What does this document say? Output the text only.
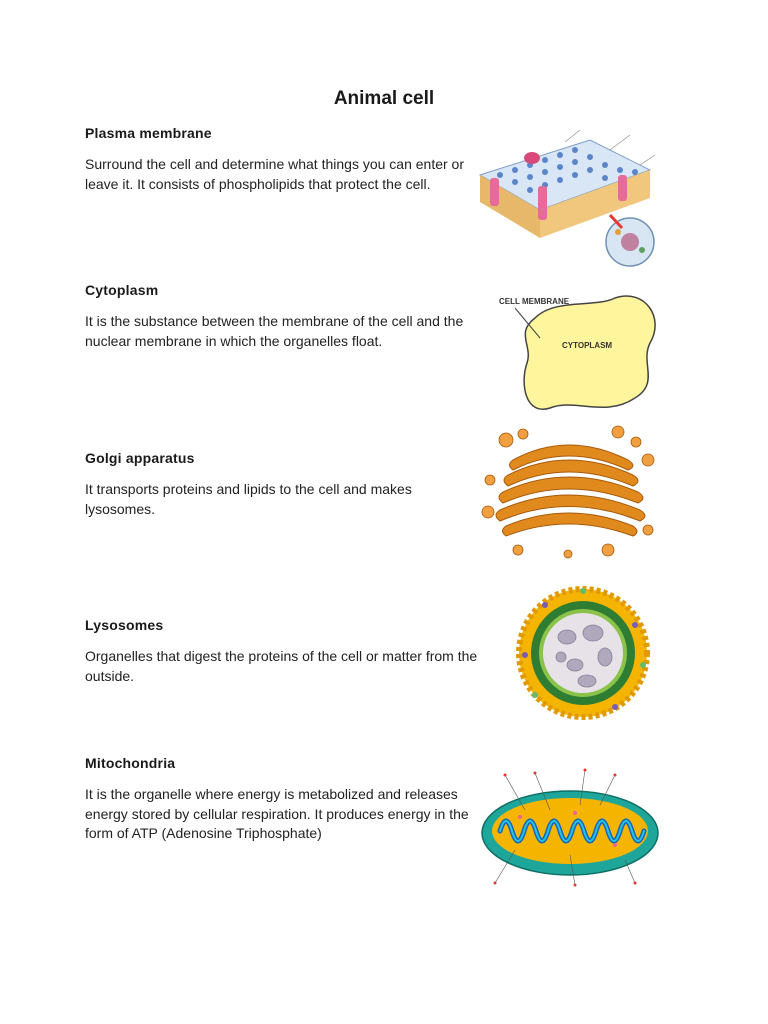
Animal cell
Plasma membrane

Surround the cell and determine what things you can enter or leave it. It consists of phospholipids that protect the cell.

Cytoplasm

It is the substance between the membrane of the cell and the nuclear membrane in which the organelles float.

CELL MEMBRANE
CYTOPLASM
Golgi apparatus

It transports proteins and lipids to the cell and makes lysosomes.

Lysosomes

Organelles that digest the proteins of the cell or matter from the outside.

Mitochondria

It is the organelle where energy is metabolized and releases energy stored by cellular respiration. It produces energy in the form of ATP (Adenosine Triphosphate)
